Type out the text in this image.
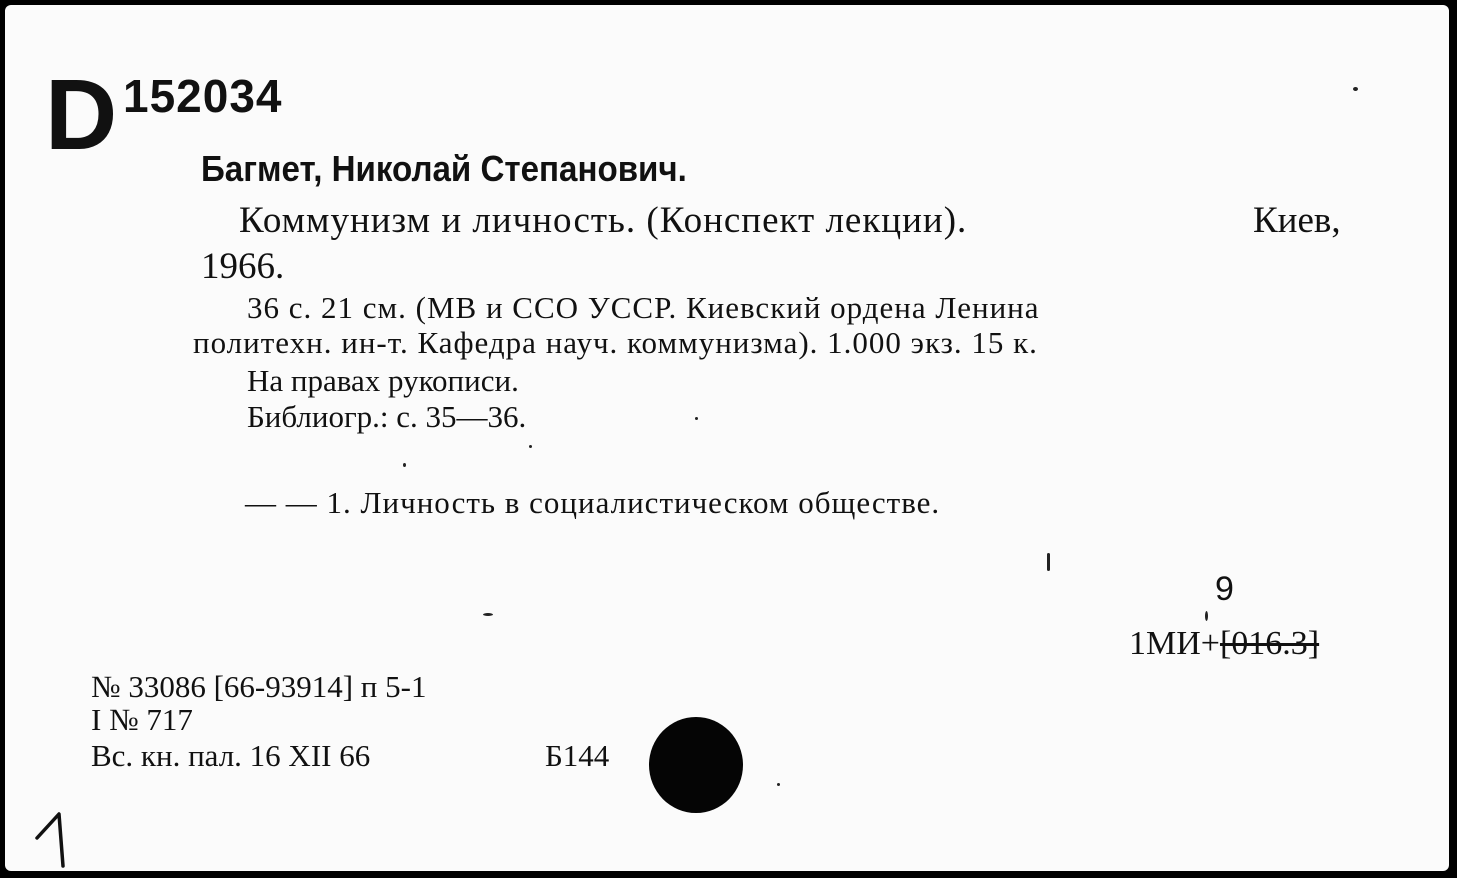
D 152034
Багмет, Николай Степанович.
Коммунизм и личность. (Конспект лекции).	Киев,
1966.
36 с. 21 см. (МВ и ССО УССР. Киевский ордена Ленина
политехн. ин-т. Кафедра науч. коммунизма). 1.000 экз. 15 к.
На правах рукописи.
Библиогр.: с. 35—36.
— — 1. Личность в социалистическом обществе.
9
1МИ+[016.3]
№ 33086 [66-93914] п 5-1
I № 717
Вс. кн. пал. 16 XII 66	Б144
